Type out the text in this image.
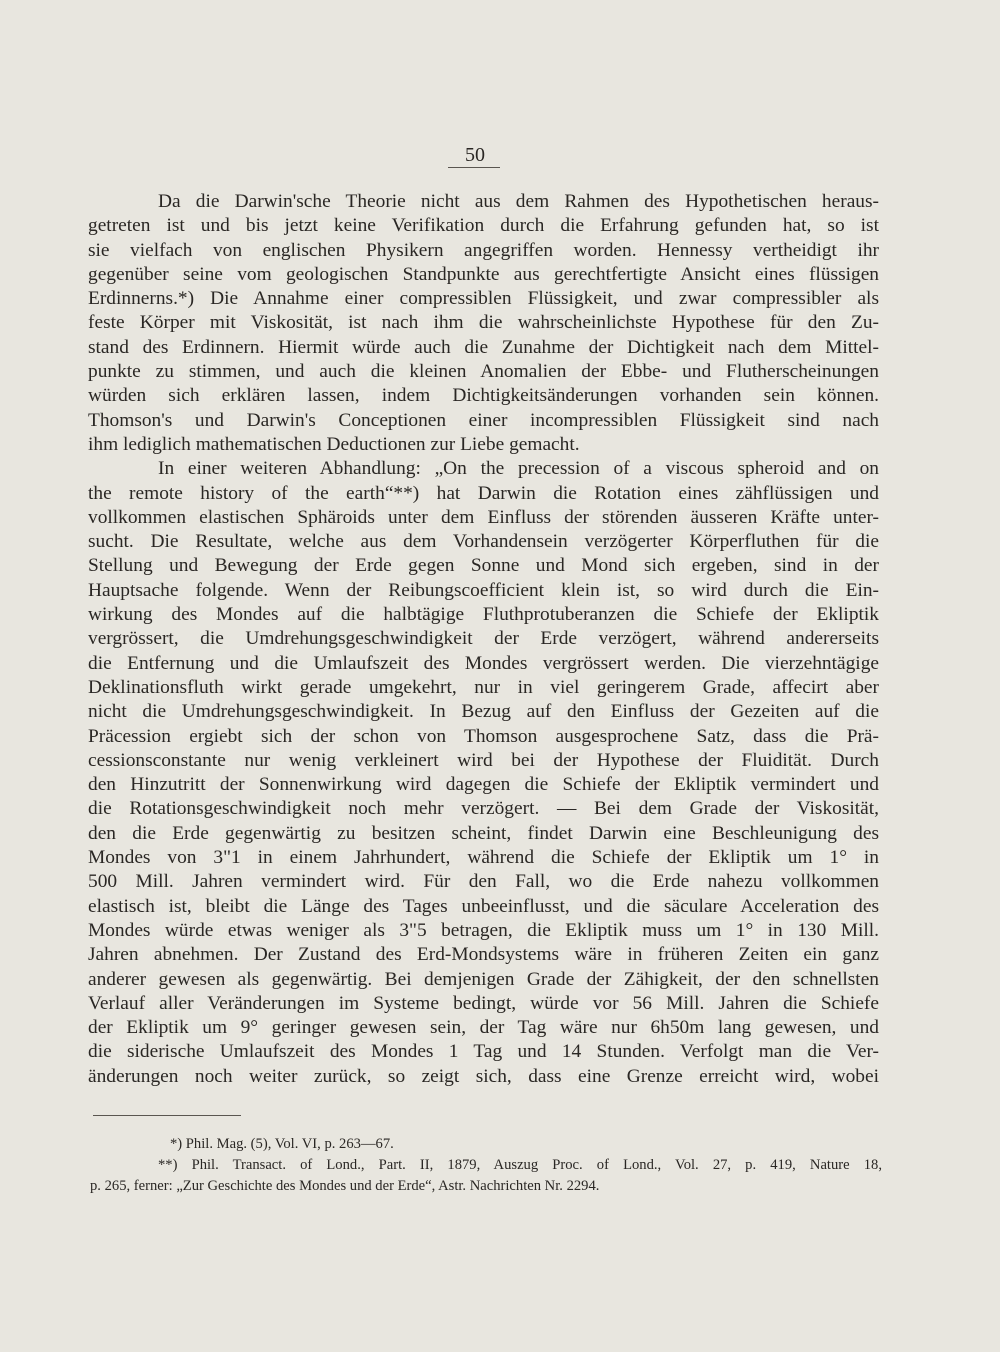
50
Da die Darwin'sche Theorie nicht aus dem Rahmen des Hypothetischen heraus-
getreten ist und bis jetzt keine Verifikation durch die Erfahrung gefunden hat, so ist
sie vielfach von englischen Physikern angegriffen worden. Hennessy vertheidigt ihr
gegenüber seine vom geologischen Standpunkte aus gerechtfertigte Ansicht eines flüssigen
Erdinnerns.*) Die Annahme einer compressiblen Flüssigkeit, und zwar compressibler als
feste Körper mit Viskosität, ist nach ihm die wahrscheinlichste Hypothese für den Zu-
stand des Erdinnern. Hiermit würde auch die Zunahme der Dichtigkeit nach dem Mittel-
punkte zu stimmen, und auch die kleinen Anomalien der Ebbe- und Flutherscheinungen
würden sich erklären lassen, indem Dichtigkeitsänderungen vorhanden sein können.
Thomson's und Darwin's Conceptionen einer incompressiblen Flüssigkeit sind nach
ihm lediglich mathematischen Deductionen zur Liebe gemacht.
In einer weiteren Abhandlung: „On the precession of a viscous spheroid and on
the remote history of the earth“**) hat Darwin die Rotation eines zähflüssigen und
vollkommen elastischen Sphäroids unter dem Einfluss der störenden äusseren Kräfte unter-
sucht. Die Resultate, welche aus dem Vorhandensein verzögerter Körperfluthen für die
Stellung und Bewegung der Erde gegen Sonne und Mond sich ergeben, sind in der
Hauptsache folgende. Wenn der Reibungscoefficient klein ist, so wird durch die Ein-
wirkung des Mondes auf die halbtägige Fluthprotuberanzen die Schiefe der Ekliptik
vergrössert, die Umdrehungsgeschwindigkeit der Erde verzögert, während andererseits
die Entfernung und die Umlaufszeit des Mondes vergrössert werden. Die vierzehntägige
Deklinationsfluth wirkt gerade umgekehrt, nur in viel geringerem Grade, affecirt aber
nicht die Umdrehungsgeschwindigkeit. In Bezug auf den Einfluss der Gezeiten auf die
Präcession ergiebt sich der schon von Thomson ausgesprochene Satz, dass die Prä-
cessionsconstante nur wenig verkleinert wird bei der Hypothese der Fluidität. Durch
den Hinzutritt der Sonnenwirkung wird dagegen die Schiefe der Ekliptik vermindert und
die Rotationsgeschwindigkeit noch mehr verzögert. — Bei dem Grade der Viskosität,
den die Erde gegenwärtig zu besitzen scheint, findet Darwin eine Beschleunigung des
Mondes von 3"1 in einem Jahrhundert, während die Schiefe der Ekliptik um 1° in
500 Mill. Jahren vermindert wird. Für den Fall, wo die Erde nahezu vollkommen
elastisch ist, bleibt die Länge des Tages unbeeinflusst, und die säculare Acceleration des
Mondes würde etwas weniger als 3"5 betragen, die Ekliptik muss um 1° in 130 Mill.
Jahren abnehmen. Der Zustand des Erd-Mondsystems wäre in früheren Zeiten ein ganz
anderer gewesen als gegenwärtig. Bei demjenigen Grade der Zähigkeit, der den schnellsten
Verlauf aller Veränderungen im Systeme bedingt, würde vor 56 Mill. Jahren die Schiefe
der Ekliptik um 9° geringer gewesen sein, der Tag wäre nur 6h50m lang gewesen, und
die siderische Umlaufszeit des Mondes 1 Tag und 14 Stunden. Verfolgt man die Ver-
änderungen noch weiter zurück, so zeigt sich, dass eine Grenze erreicht wird, wobei
*) Phil. Mag. (5), Vol. VI, p. 263—67.
**) Phil. Transact. of Lond., Part. II, 1879, Auszug Proc. of Lond., Vol. 27, p. 419, Nature 18,
p. 265, ferner: „Zur Geschichte des Mondes und der Erde“, Astr. Nachrichten Nr. 2294.
